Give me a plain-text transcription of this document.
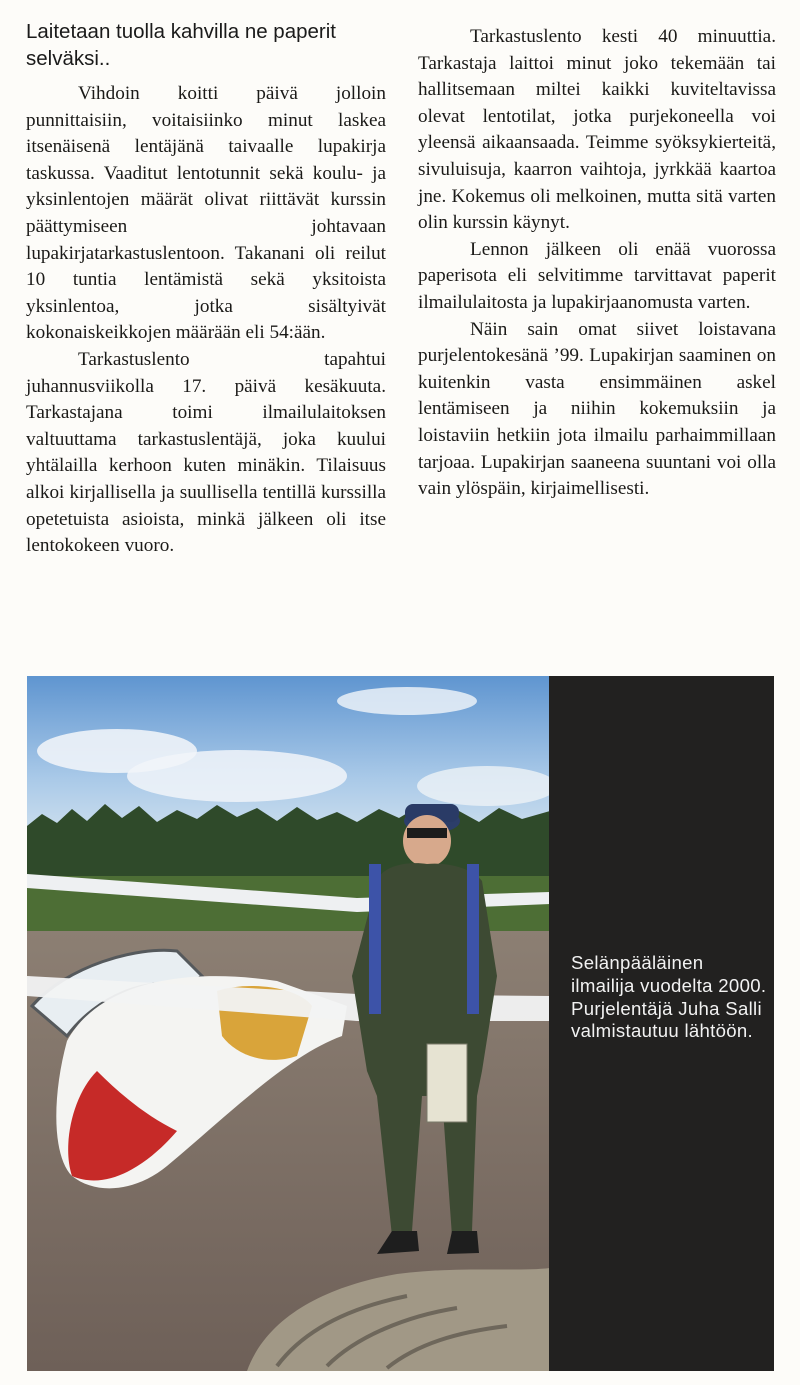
Laitetaan tuolla kahvilla ne paperit selväksi..

Vihdoin koitti päivä jolloin punnittaisiin, voitaisiinko minut laskea itsenäisenä lentäjänä taivaalle lupakirja taskussa. Vaaditut lentotunnit sekä koulu- ja yksinlentojen määrät olivat riittävät kurssin päättymiseen johtavaan lupakirjatarkastuslentoon. Takanani oli reilut 10 tuntia lentämistä sekä yksitoista yksinlentoa, jotka sisältyivät kokonaiskeikkojen määrään eli 54:ään.

Tarkastuslento tapahtui juhannusviikolla 17. päivä kesäkuuta. Tarkastajana toimi ilmailulaitoksen valtuuttama tarkastuslentäjä, joka kuului yhtälailla kerhoon kuten minäkin. Tilaisuus alkoi kirjallisella ja suullisella tentillä kurssilla opetetuista asioista, minkä jälkeen oli itse lentokokeen vuoro.

Tarkastuslento kesti 40 minuuttia. Tarkastaja laittoi minut joko tekemään tai hallitsemaan miltei kaikki kuviteltavissa olevat lentotilat, jotka purjekoneella voi yleensä aikaansaada. Teimme syöksykierteitä, sivuluisuja, kaarron vaihtoja, jyrkkää kaartoa jne. Kokemus oli melkoinen, mutta sitä varten olin kurssin käynyt.

Lennon jälkeen oli enää vuorossa paperisota eli selvitimme tarvittavat paperit ilmailulaitosta ja lupakirjaanomusta varten.

Näin sain omat siivet loistavana purjelentokesänä ’99. Lupakirjan saaminen on kuitenkin vasta ensimmäinen askel lentämiseen ja niihin kokemuksiin ja loistaviin hetkiin jota ilmailu parhaimmillaan tarjoaa. Lupakirjan saaneena suuntani voi olla vain ylöspäin, kirjaimellisesti.

Selänpääläinen ilmailija vuodelta 2000. Purjelentäjä Juha Salli valmistautuu lähtöön.
